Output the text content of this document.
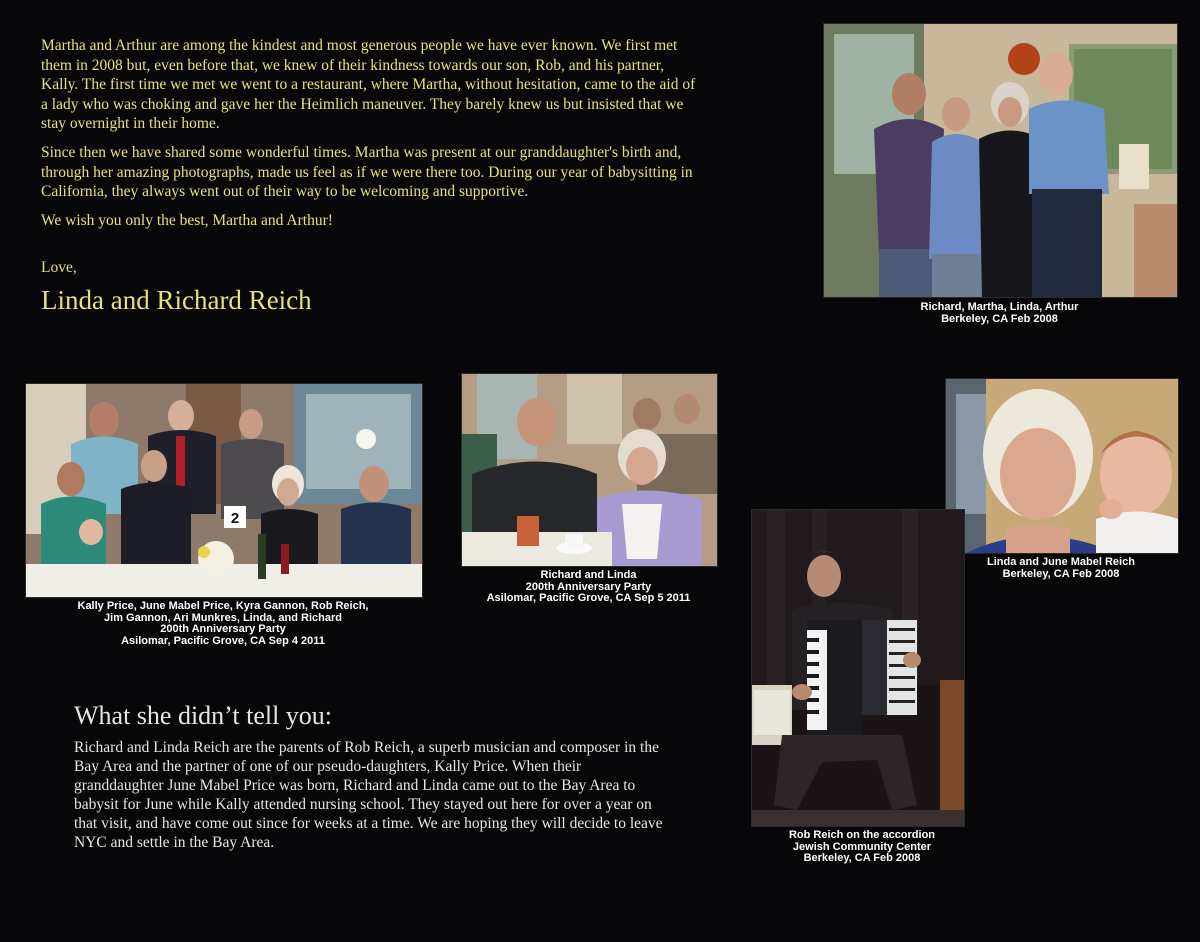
Martha and Arthur are among the kindest and most generous people we have ever known. We first met them in 2008 but, even before that, we knew of their kindness towards our son, Rob, and his partner, Kally. The first time we met we went to a restaurant, where Martha, without hesitation, came to the aid of a lady who was choking and gave her the Heimlich maneuver. They barely knew us but insisted that we stay overnight in their home.

Since then we have shared some wonderful times. Martha was present at our granddaughter's birth and, through her amazing photographs, made us feel as if we were there too. During our year of babysitting in California, they always went out of their way to be welcoming and supportive.

We wish you only the best, Martha and Arthur!

Love,

Linda and Richard Reich	Richard, Martha, Linda, Arthur
Berkeley, CA Feb 2008
2
Kally Price, June Mabel Price, Kyra Gannon, Rob Reich,
Jim Gannon, Ari Munkres, Linda, and Richard
200th Anniversary Party
Asilomar, Pacific Grove, CA Sep 4 2011
Richard and Linda
200th Anniversary Party
Asilomar, Pacific Grove, CA Sep 5 2011
Linda and June Mabel Reich
Berkeley, CA Feb 2008
Rob Reich on the accordion
Jewish Community Center
Berkeley, CA Feb 2008
What she didn’t tell you:

Richard and Linda Reich are the parents of Rob Reich, a superb musician and composer in the Bay Area and the partner of one of our pseudo-daughters, Kally Price. When their granddaughter June Mabel Price was born, Richard and Linda came out to the Bay Area to babysit for June while Kally attended nursing school. They stayed out here for over a year on that visit, and have come out since for weeks at a time. We are hoping they will decide to leave NYC and settle in the Bay Area.
